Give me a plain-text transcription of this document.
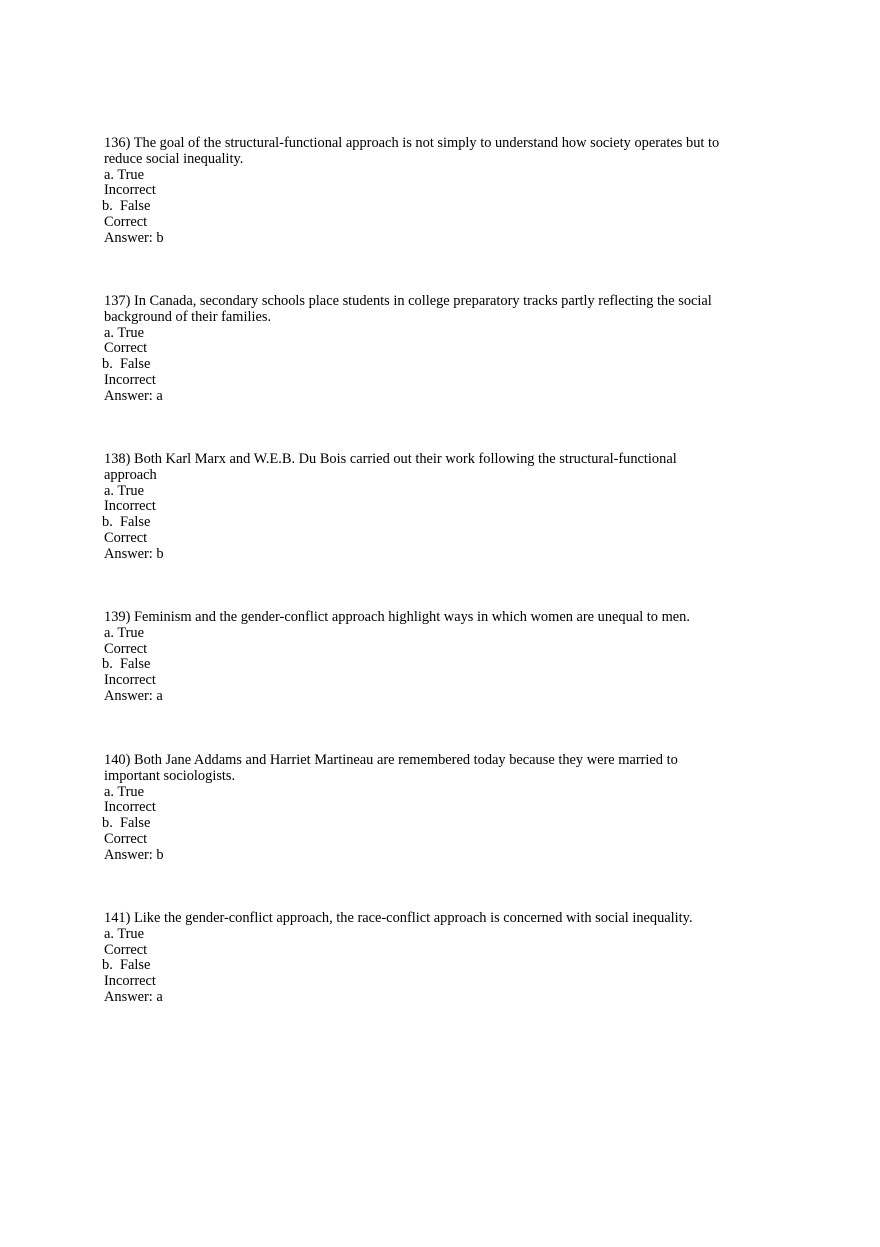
136) The goal of the structural-functional approach is not simply to understand how society operates but to reduce social inequality.
a. True
Incorrect
b.  False
Correct
Answer: b
137) In Canada, secondary schools place students in college preparatory tracks partly reflecting the social background of their families.
a. True
Correct
b.  False
Incorrect
Answer: a
138) Both Karl Marx and W.E.B. Du Bois carried out their work following the structural-functional approach
a. True
Incorrect
b.  False
Correct
Answer: b
139) Feminism and the gender-conflict approach highlight ways in which women are unequal to men.
a. True
Correct
b.  False
Incorrect
Answer: a
140) Both Jane Addams and Harriet Martineau are remembered today because they were married to important sociologists.
a. True
Incorrect
b.  False
Correct
Answer: b
141) Like the gender-conflict approach, the race-conflict approach is concerned with social inequality.
a. True
Correct
b.  False
Incorrect
Answer: a
